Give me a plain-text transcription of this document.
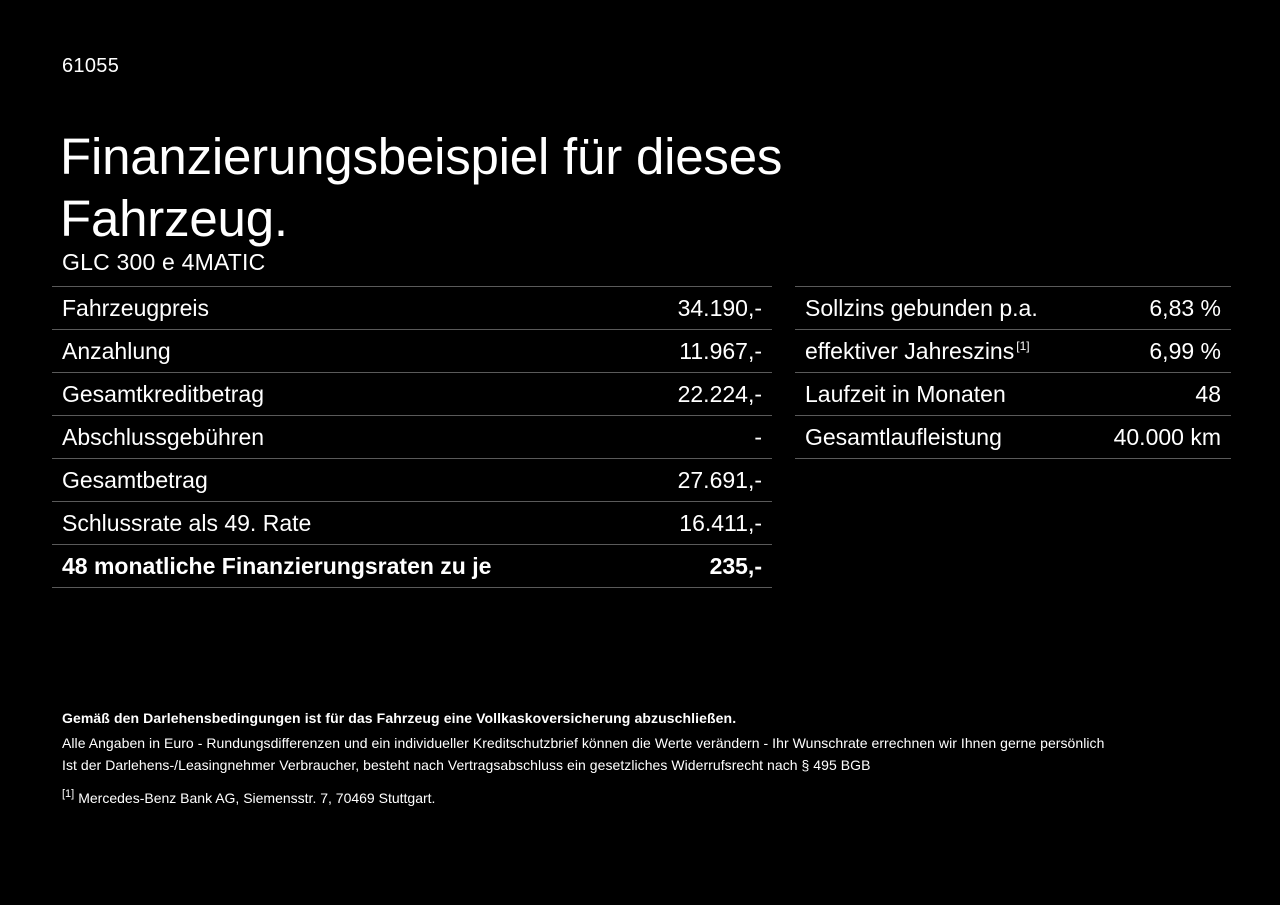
61055
Finanzierungsbeispiel für dieses
Fahrzeug.
GLC 300 e 4MATIC
Fahrzeugpreis	34.190,-
Anzahlung	11.967,-
Gesamtkreditbetrag	22.224,-
Abschlussgebühren	-
Gesamtbetrag	27.691,-
Schlussrate als 49. Rate	16.411,-
48 monatliche Finanzierungsraten zu je	235,-
Sollzins gebunden p.a.	6,83 %
effektiver Jahreszins [1]	6,99 %
Laufzeit in Monaten	48
Gesamtlaufleistung	40.000 km
Gemäß den Darlehensbedingungen ist für das Fahrzeug eine Vollkaskoversicherung abzuschließen.
Alle Angaben in Euro - Rundungsdifferenzen und ein individueller Kreditschutzbrief können die Werte verändern - Ihr Wunschrate errechnen wir Ihnen gerne persönlich
Ist der Darlehens-/Leasingnehmer Verbraucher, besteht nach Vertragsabschluss ein gesetzliches Widerrufsrecht nach § 495 BGB
[1] Mercedes-Benz Bank AG, Siemensstr. 7, 70469 Stuttgart.
